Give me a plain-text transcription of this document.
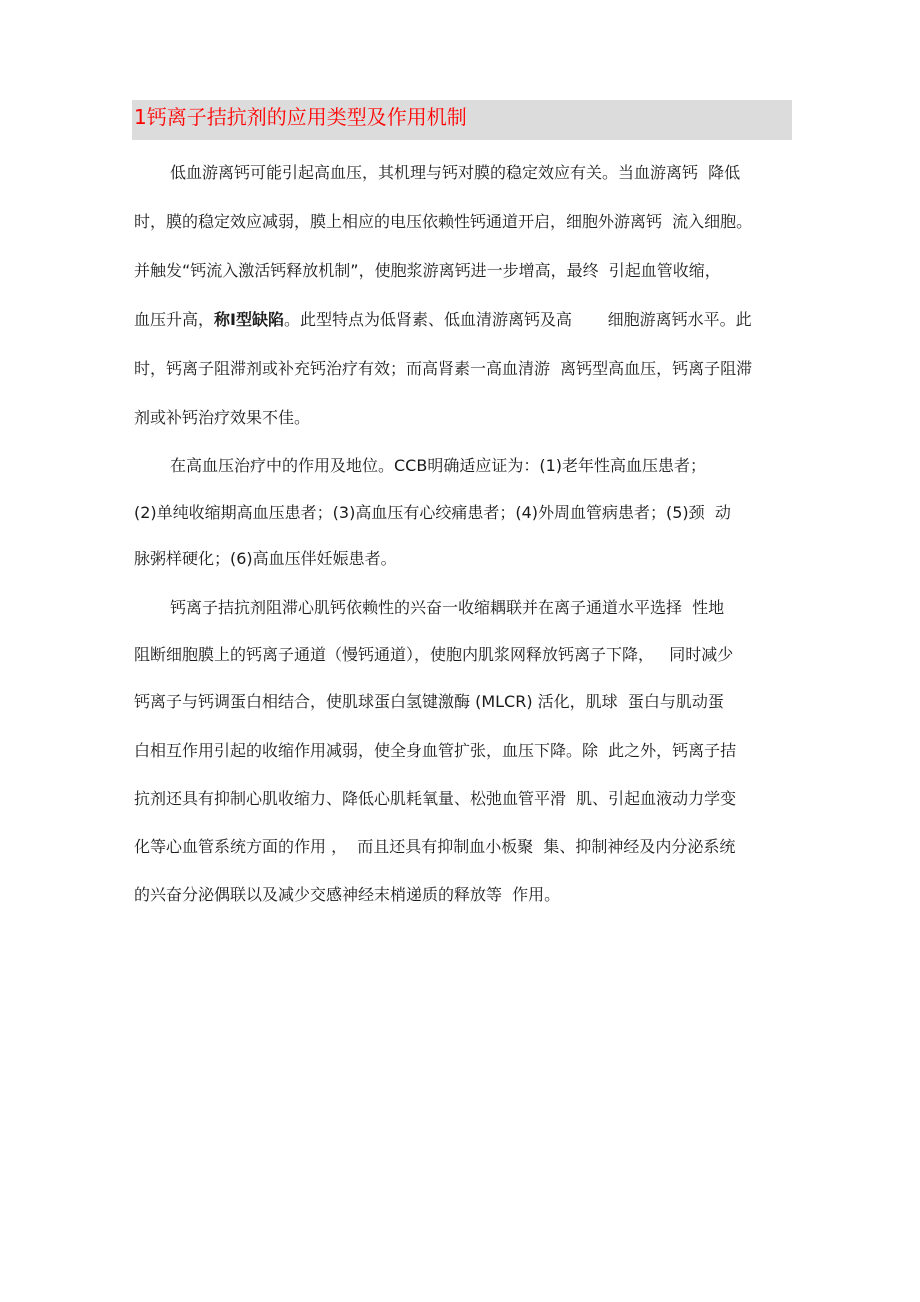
1钙离子拮抗剂的应用类型及作用机制
低血游离钙可能引起高血压，其机理与钙对膜的稳定效应有关。当血游离钙  降低
时，膜的稳定效应减弱，膜上相应的电压依赖性钙通道开启，细胞外游离钙  流入细胞。
并触发“钙流入激活钙释放机制”，使胞浆游离钙进一步增高，最终  引起血管收缩，
血压升高，称I型缺陷。此型特点为低肾素、低血清游离钙及高       细胞游离钙水平。此
时，钙离子阻滞剂或补充钙治疗有效；而高肾素一高血清游  离钙型高血压，钙离子阻滞
剂或补钙治疗效果不佳。
在高血压治疗中的作用及地位。CCB明确适应证为：(1)老年性高血压患者；
(2)单纯收缩期高血压患者；(3)高血压有心绞痛患者；(4)外周血管病患者；(5)颈  动
脉粥样硬化；(6)高血压伴妊娠患者。
钙离子拮抗剂阻滞心肌钙依赖性的兴奋一收缩耦联并在离子通道水平选择  性地
阻断细胞膜上的钙离子通道（慢钙通道），使胞内肌浆网释放钙离子下降，   同时减少
钙离子与钙调蛋白相结合，使肌球蛋白氢键激酶 (MLCR) 活化，肌球  蛋白与肌动蛋
白相互作用引起的收缩作用减弱，使全身血管扩张，血压下降。除  此之外，钙离子拮
抗剂还具有抑制心肌收缩力、降低心肌耗氧量、松弛血管平滑  肌、引起血液动力学变
化等心血管系统方面的作用 ，  而且还具有抑制血小板聚  集、抑制神经及内分泌系统
的兴奋分泌偶联以及减少交感神经末梢递质的释放等  作用。
